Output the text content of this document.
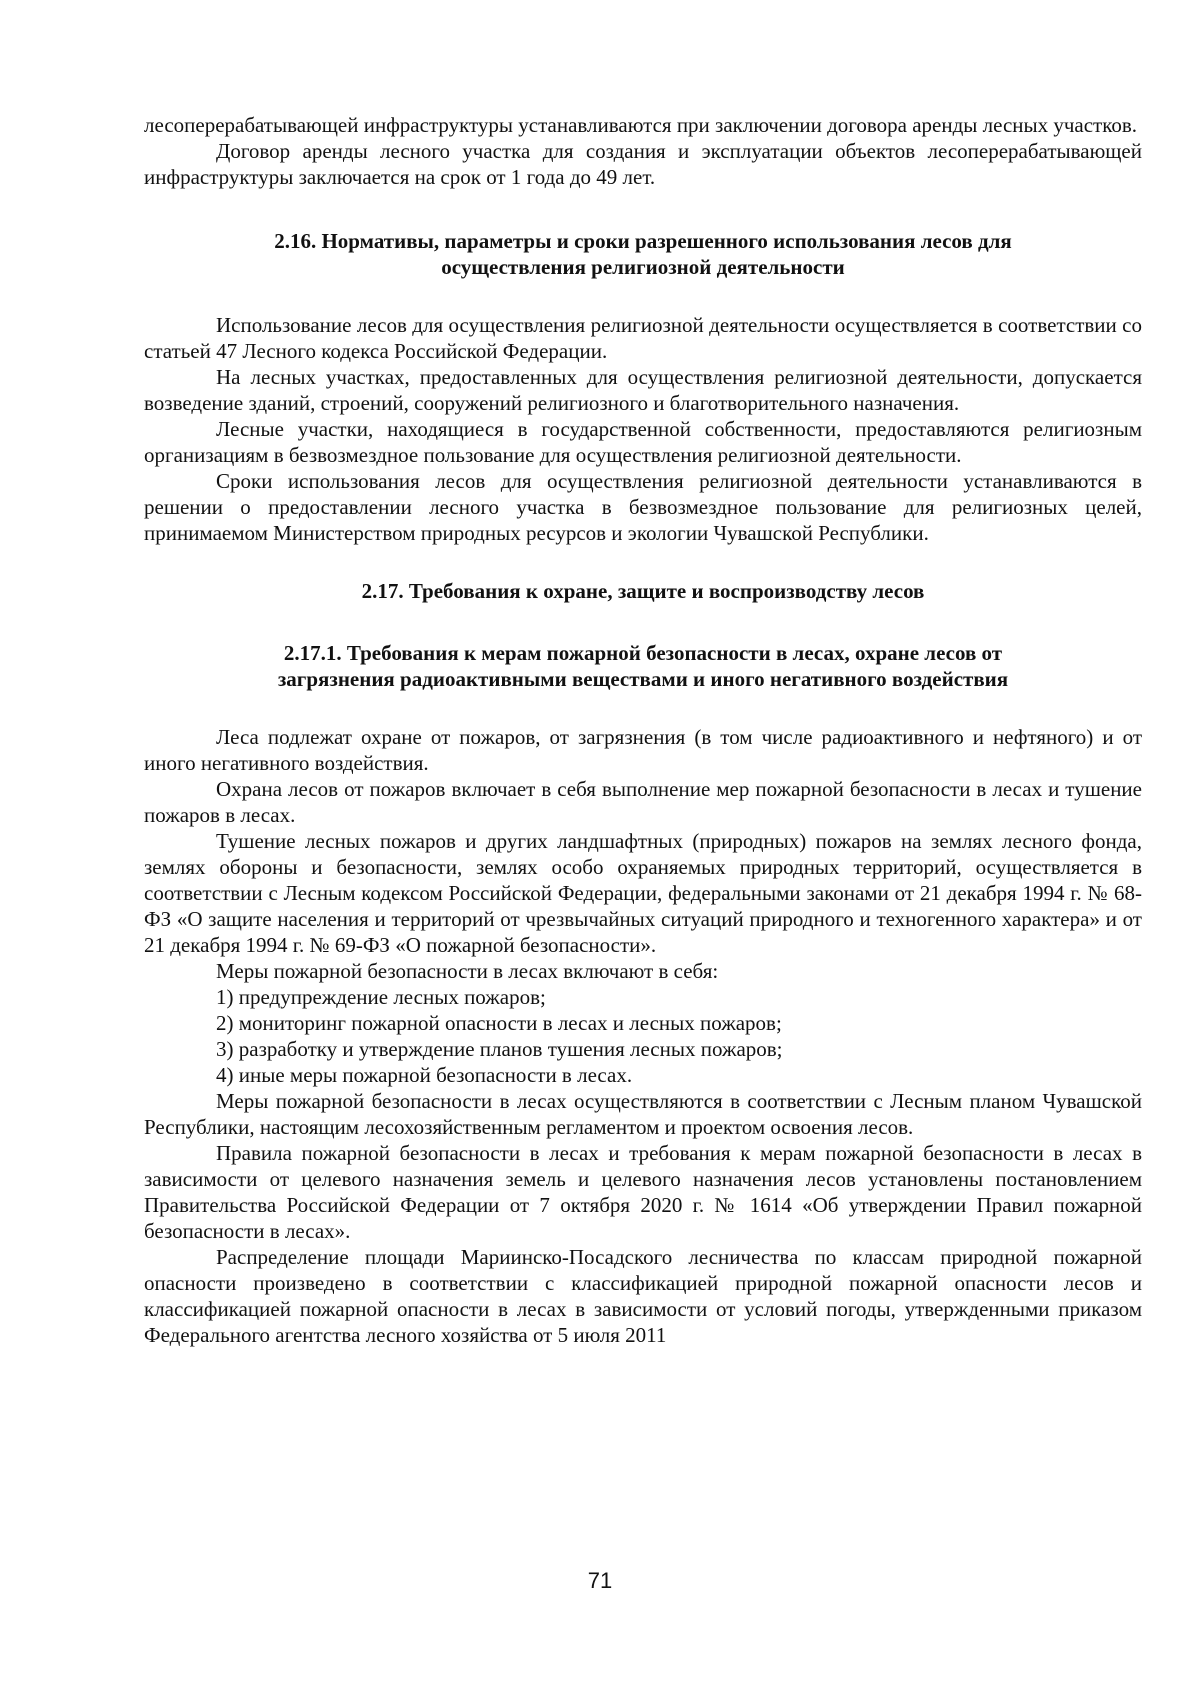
лесоперерабатывающей инфраструктуры устанавливаются при заключении договора аренды лесных участков.

Договор аренды лесного участка для создания и эксплуатации объектов лесоперерабатывающей инфраструктуры заключается на срок от 1 года до 49 лет.

2.16. Нормативы, параметры и сроки разрешенного использования лесов для
осуществления религиозной деятельности

Использование лесов для осуществления религиозной деятельности осуществляется в соответствии со статьей 47 Лесного кодекса Российской Федерации.

На лесных участках, предоставленных для осуществления религиозной деятельности, допускается возведение зданий, строений, сооружений религиозного и благотворительного назначения.

Лесные участки, находящиеся в государственной собственности, предоставляются религиозным организациям в безвозмездное пользование для осуществления религиозной деятельности.

Сроки использования лесов для осуществления религиозной деятельности устанавливаются в решении о предоставлении лесного участка в безвозмездное пользование для религиозных целей, принимаемом Министерством природных ресурсов и экологии Чувашской Республики.

2.17. Требования к охране, защите и воспроизводству лесов
2.17.1. Требования к мерам пожарной безопасности в лесах, охране лесов от
загрязнения радиоактивными веществами и иного негативного воздействия

Леса подлежат охране от пожаров, от загрязнения (в том числе радиоактивного и нефтяного) и от иного негативного воздействия.

Охрана лесов от пожаров включает в себя выполнение мер пожарной безопасности в лесах и тушение пожаров в лесах.

Тушение лесных пожаров и других ландшафтных (природных) пожаров на землях лесного фонда, землях обороны и безопасности, землях особо охраняемых природных территорий, осуществляется в соответствии с Лесным кодексом Российской Федерации, федеральными законами от 21 декабря 1994 г. № 68-ФЗ «О защите населения и территорий от чрезвычайных ситуаций природного и техногенного характера» и от 21 декабря 1994 г. № 69-ФЗ «О пожарной безопасности».

Меры пожарной безопасности в лесах включают в себя:

1) предупреждение лесных пожаров;

2) мониторинг пожарной опасности в лесах и лесных пожаров;

3) разработку и утверждение планов тушения лесных пожаров;

4) иные меры пожарной безопасности в лесах.

Меры пожарной безопасности в лесах осуществляются в соответствии с Лесным планом Чувашской Республики, настоящим лесохозяйственным регламентом и проектом освоения лесов.

Правила пожарной безопасности в лесах и требования к мерам пожарной безопасности в лесах в зависимости от целевого назначения земель и целевого назначения лесов установлены постановлением Правительства Российской Федерации от 7 октября 2020 г. № 1614 «Об утверждении Правил пожарной безопасности в лесах».

Распределение площади Мариинско-Посадского лесничества по классам природной пожарной опасности произведено в соответствии с классификацией природной пожарной опасности лесов и классификацией пожарной опасности в лесах в зависимости от условий погоды, утвержденными приказом Федерального агентства лесного хозяйства от 5 июля 2011

71
